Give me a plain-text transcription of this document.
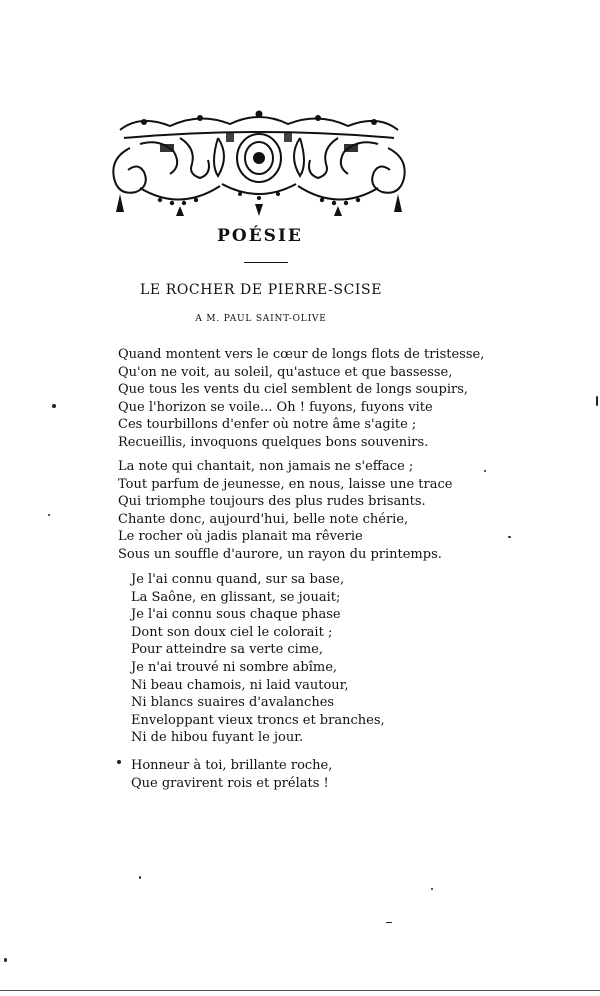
POÉSIE
LE ROCHER DE PIERRE-SCISE
A M. PAUL SAINT-OLIVE
Quand montent vers le cœur de longs flots de tristesse,
Qu'on ne voit, au soleil, qu'astuce et que bassesse,
Que tous les vents du ciel semblent de longs soupirs,
Que l'horizon se voile... Oh ! fuyons, fuyons vite
Ces tourbillons d'enfer où notre âme s'agite ;
Recueillis, invoquons quelques bons souvenirs.
La note qui chantait, non jamais ne s'efface ;
Tout parfum de jeunesse, en nous, laisse une trace
Qui triomphe toujours des plus rudes brisants.
Chante donc, aujourd'hui, belle note chérie,
Le rocher où jadis planait ma rêverie
Sous un souffle d'aurore, un rayon du printemps.
Je l'ai connu quand, sur sa base,
La Saône, en glissant, se jouait;
Je l'ai connu sous chaque phase
Dont son doux ciel le colorait ;
Pour atteindre sa verte cime,
Je n'ai trouvé ni sombre abîme,
Ni beau chamois, ni laid vautour,
Ni blancs suaires d'avalanches
Enveloppant vieux troncs et branches,
Ni de hibou fuyant le jour.
Honneur à toi, brillante roche,
Que gravirent rois et prélats !
